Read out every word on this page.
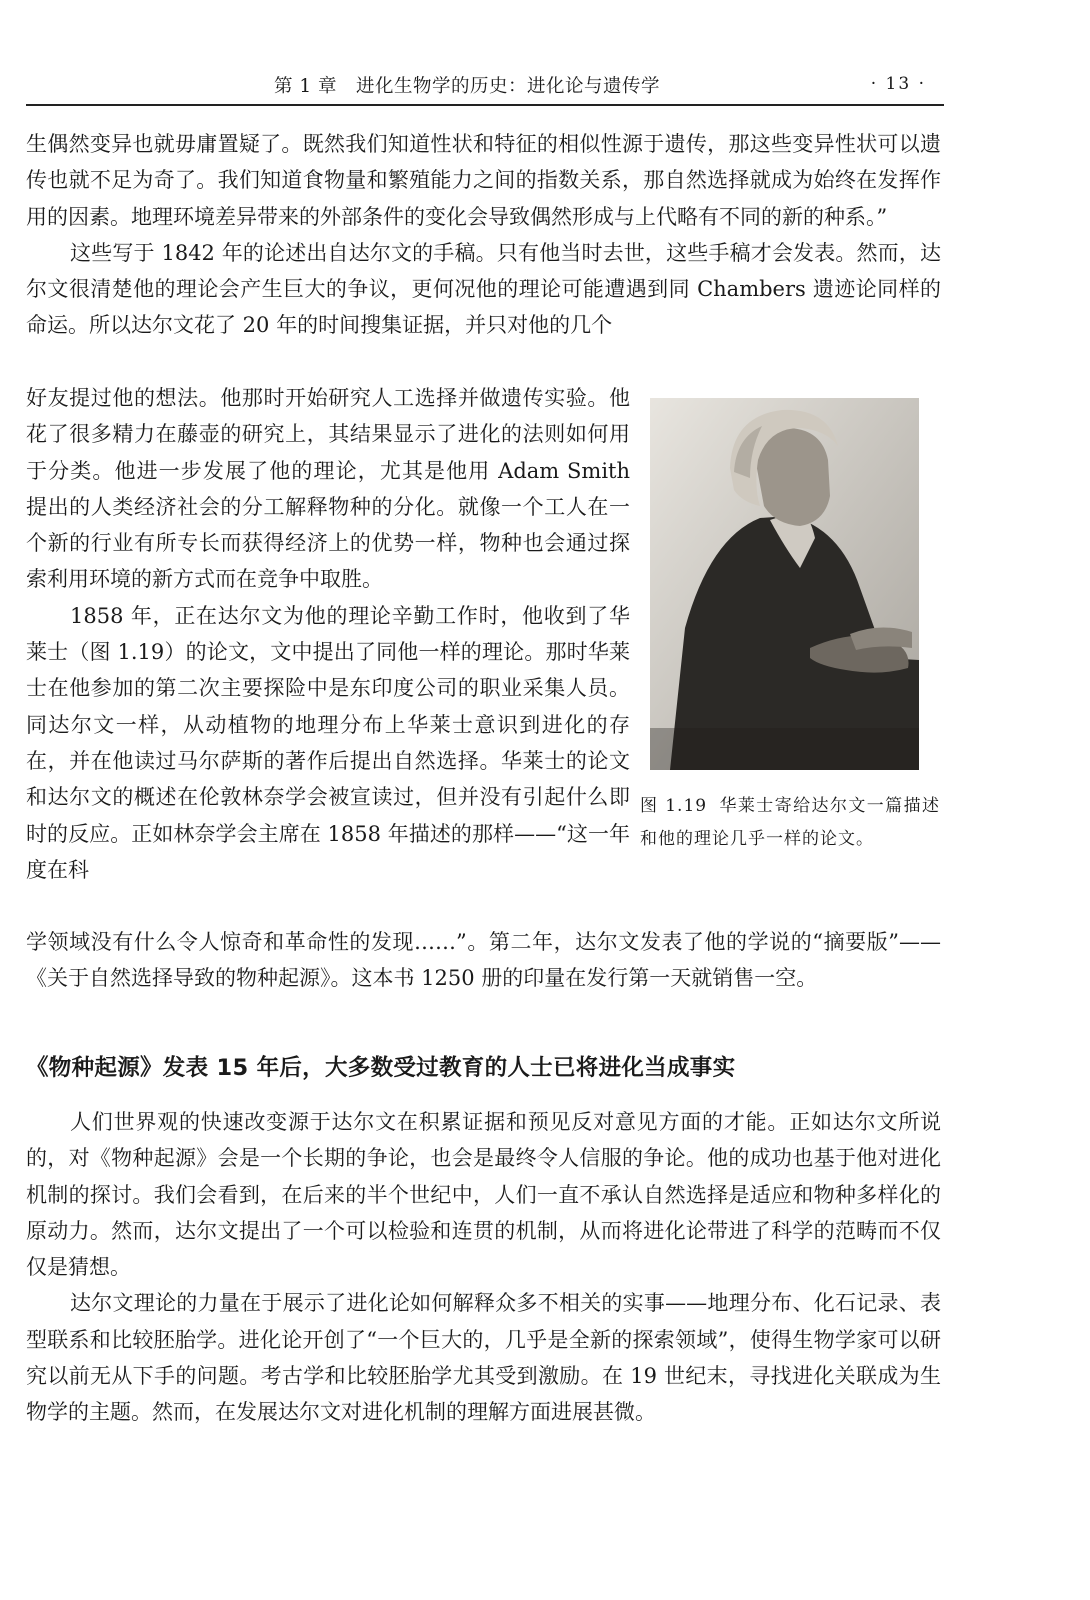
第 1 章　进化生物学的历史：进化论与遗传学	· 13 ·

生偶然变异也就毋庸置疑了。既然我们知道性状和特征的相似性源于遗传，那这些变异性状可以遗传也就不足为奇了。我们知道食物量和繁殖能力之间的指数关系，那自然选择就成为始终在发挥作用的因素。地理环境差异带来的外部条件的变化会导致偶然形成与上代略有不同的新的种系。”

这些写于 1842 年的论述出自达尔文的手稿。只有他当时去世，这些手稿才会发表。然而，达尔文很清楚他的理论会产生巨大的争议，更何况他的理论可能遭遇到同 Chambers 遗迹论同样的命运。所以达尔文花了 20 年的时间搜集证据，并只对他的几个

好友提过他的想法。他那时开始研究人工选择并做遗传实验。他花了很多精力在藤壶的研究上，其结果显示了进化的法则如何用于分类。他进一步发展了他的理论，尤其是他用 Adam Smith 提出的人类经济社会的分工解释物种的分化。就像一个工人在一个新的行业有所专长而获得经济上的优势一样，物种也会通过探索利用环境的新方式而在竞争中取胜。

1858 年，正在达尔文为他的理论辛勤工作时，他收到了华莱士（图 1.19）的论文，文中提出了同他一样的理论。那时华莱士在他参加的第二次主要探险中是东印度公司的职业采集人员。同达尔文一样，从动植物的地理分布上华莱士意识到进化的存在，并在他读过马尔萨斯的著作后提出自然选择。华莱士的论文和达尔文的概述在伦敦林奈学会被宣读过，但并没有引起什么即时的反应。正如林奈学会主席在 1858 年描述的那样——“这一年度在科

图 1.19 华莱士寄给达尔文一篇描述和他的理论几乎一样的论文。

学领域没有什么令人惊奇和革命性的发现……”。第二年，达尔文发表了他的学说的“摘要版”——《关于自然选择导致的物种起源》。这本书 1250 册的印量在发行第一天就销售一空。

《物种起源》发表 15 年后，大多数受过教育的人士已将进化当成事实

人们世界观的快速改变源于达尔文在积累证据和预见反对意见方面的才能。正如达尔文所说的，对《物种起源》会是一个长期的争论，也会是最终令人信服的争论。他的成功也基于他对进化机制的探讨。我们会看到，在后来的半个世纪中，人们一直不承认自然选择是适应和物种多样化的原动力。然而，达尔文提出了一个可以检验和连贯的机制，从而将进化论带进了科学的范畴而不仅仅是猜想。

达尔文理论的力量在于展示了进化论如何解释众多不相关的实事——地理分布、化石记录、表型联系和比较胚胎学。进化论开创了“一个巨大的，几乎是全新的探索领域”，使得生物学家可以研究以前无从下手的问题。考古学和比较胚胎学尤其受到激励。在 19 世纪末，寻找进化关联成为生物学的主题。然而，在发展达尔文对进化机制的理解方面进展甚微。
